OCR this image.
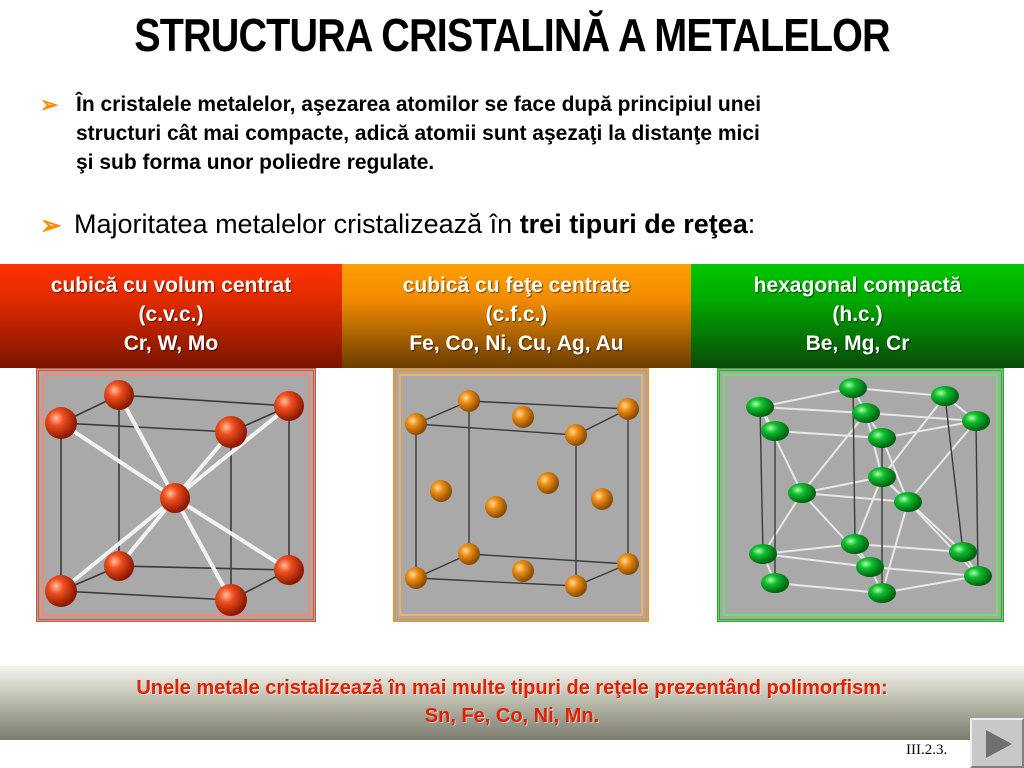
STRUCTURA CRISTALINĂ A METALELOR
➢ În cristalele metalelor, aşezarea atomilor se face după principiul unei
structuri cât mai compacte, adică atomii sunt aşezaţi la distanţe mici
şi sub forma unor poliedre regulate.
➢ Majoritatea metalelor cristalizează în trei tipuri de reţea:
cubică cu volum centrat
(c.v.c.)
Cr, W, Mo
cubică cu feţe centrate
(c.f.c.)
Fe, Co, Ni, Cu, Ag, Au
hexagonal compactă
(h.c.)
Be, Mg, Cr
Unele metale cristalizează în mai multe tipuri de reţele prezentând polimorfism:
Sn, Fe, Co, Ni, Mn.
III.2.3.
